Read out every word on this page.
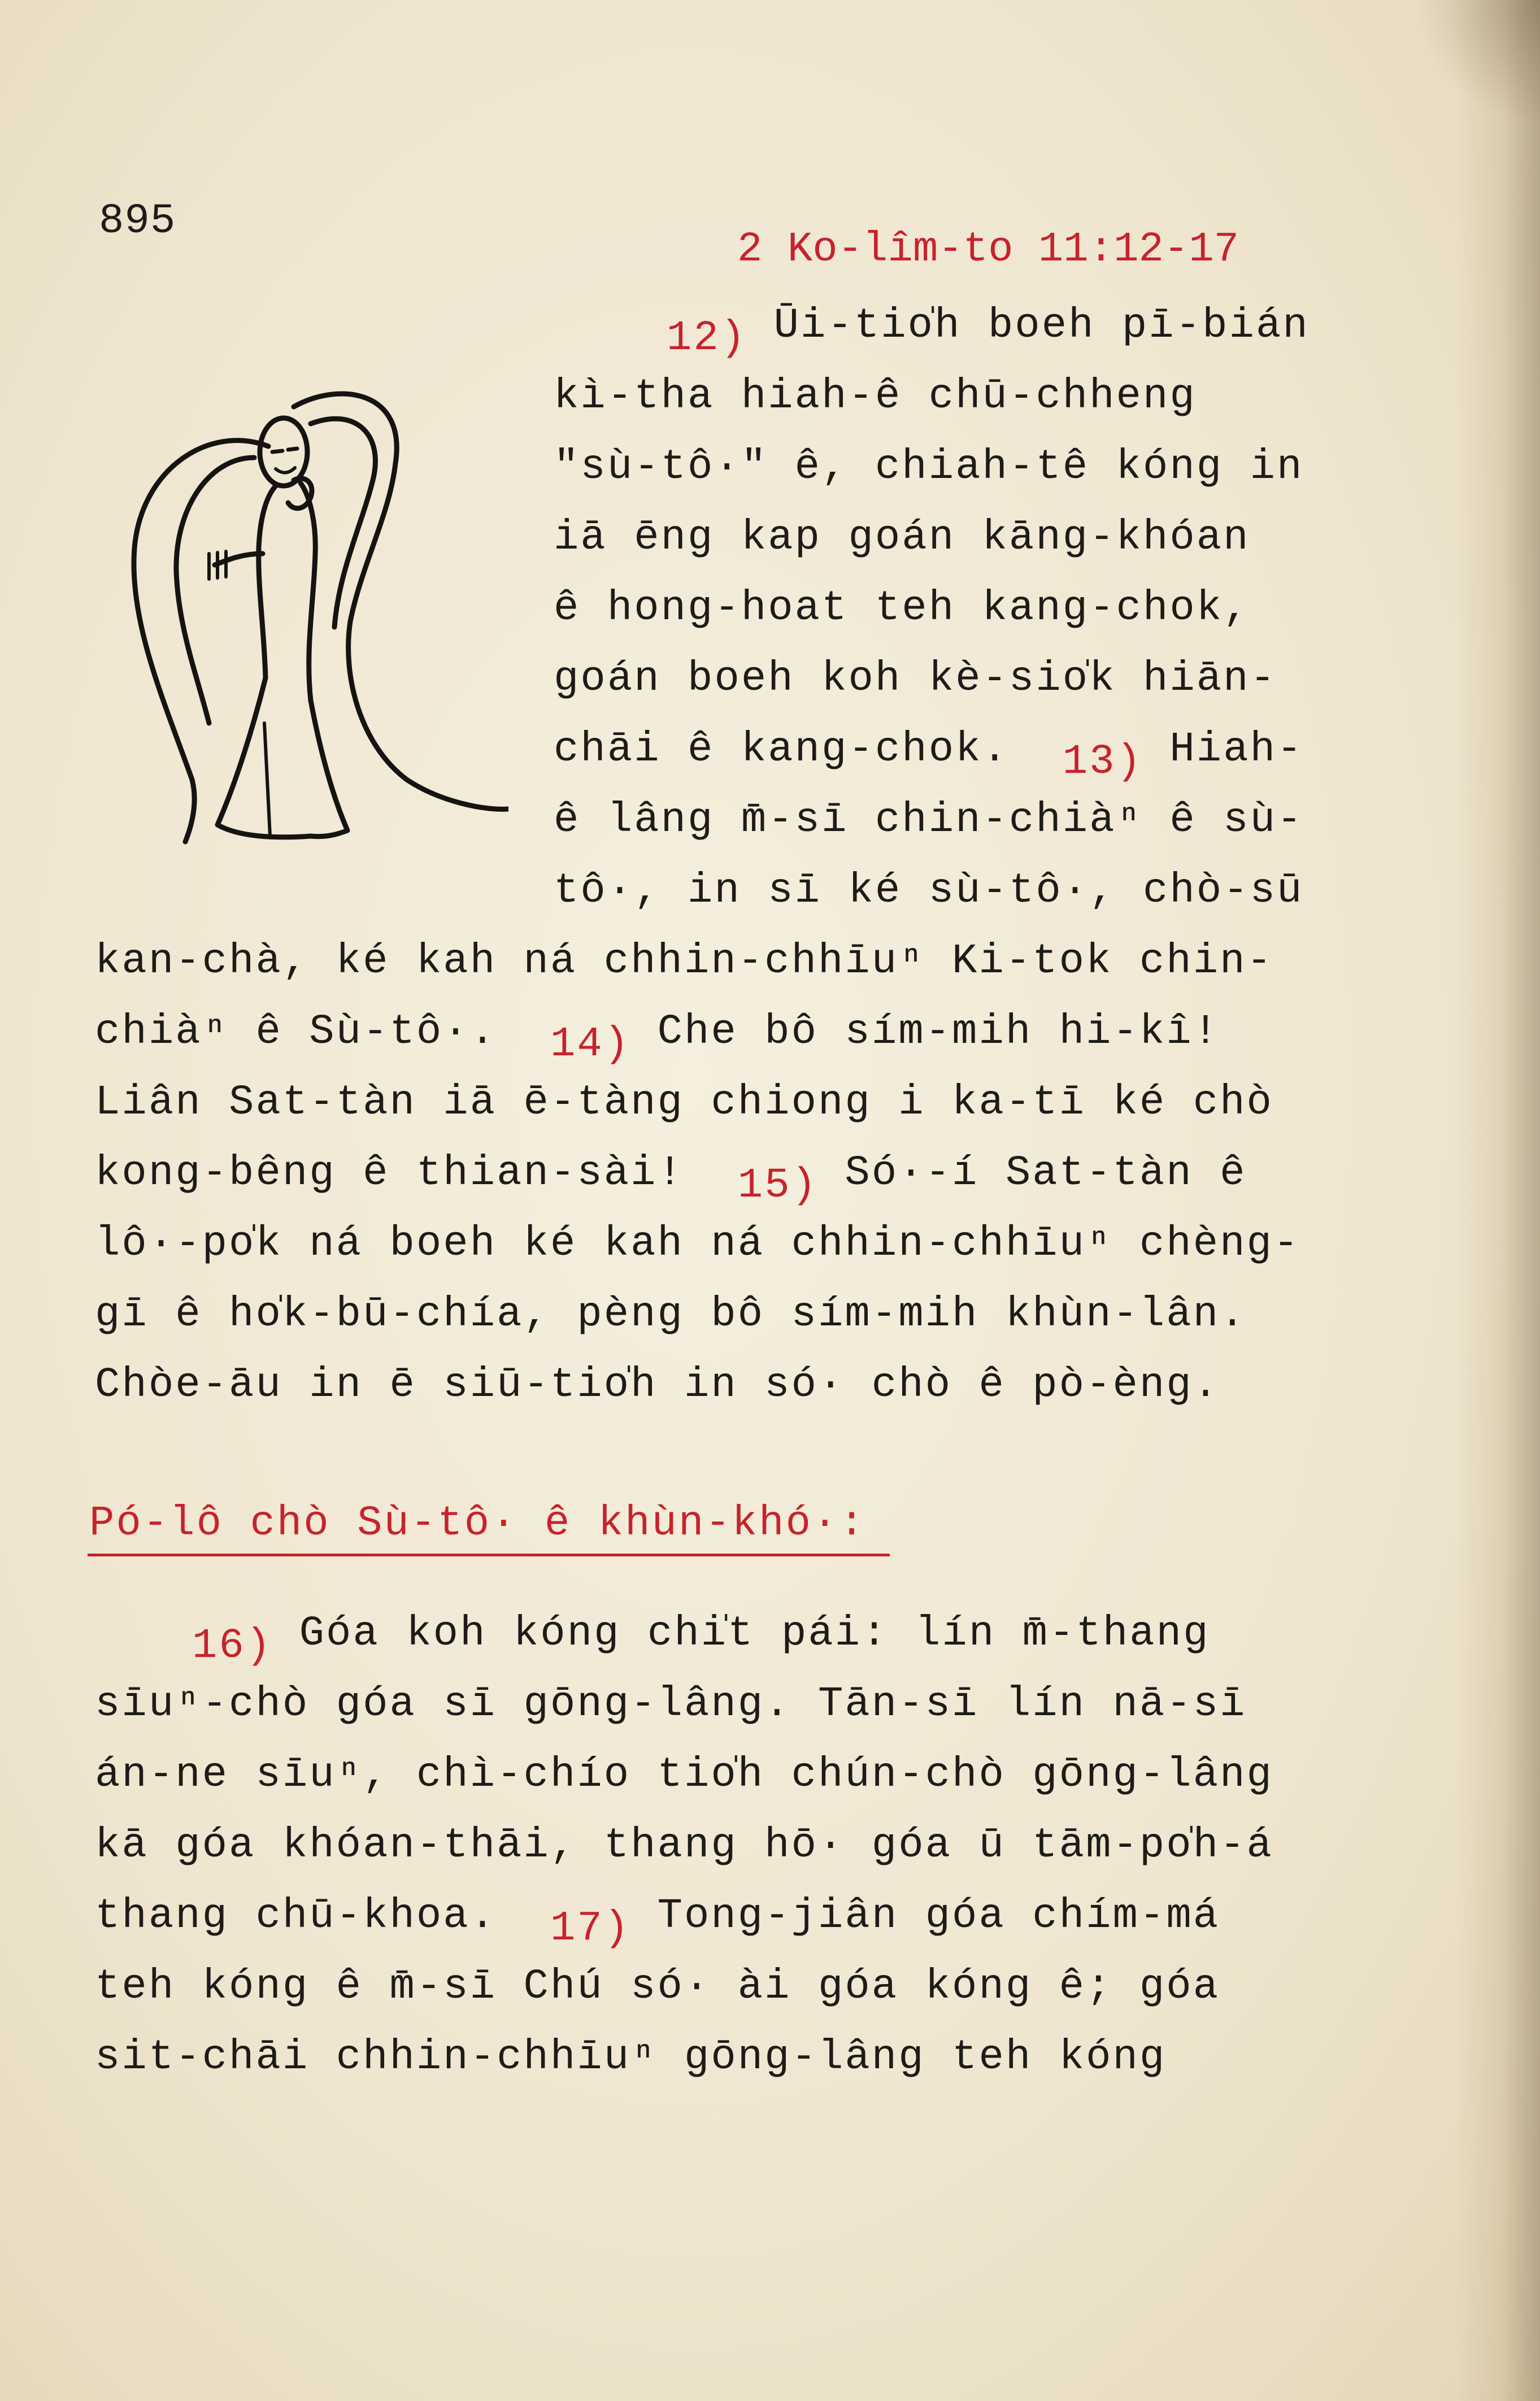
895
2 Ko-lîm-to 11:12-17
12) Ūi-tio̍h boeh pī-bián
kì-tha hiah-ê chū-chheng
"sù-tô·" ê, chiah-tê kóng in
iā ēng kap goán kāng-khóan
ê hong-hoat teh kang-chok,
goán boeh koh kè-sio̍k hiān-
chāi ê kang-chok.  13) Hiah-
ê lâng m̄-sī chin-chiàⁿ ê sù-
tô·, in sī ké sù-tô·, chò-sū
kan-chà, ké kah ná chhin-chhīuⁿ Ki-tok chin-
chiàⁿ ê Sù-tô·.  14) Che bô sím-mih hi-kî!
Liân Sat-tàn iā ē-tàng chiong i ka-tī ké chò
kong-bêng ê thian-sài!  15) Só·-í Sat-tàn ê
lô·-po̍k ná boeh ké kah ná chhin-chhīuⁿ chèng-
gī ê ho̍k-bū-chía, pèng bô sím-mih khùn-lân.
Chòe-āu in ē siū-tio̍h in só· chò ê pò-èng.
Pó-lô chò Sù-tô· ê khùn-khó·:
16) Góa koh kóng chi̍t pái: lín m̄-thang
sīuⁿ-chò góa sī gōng-lâng. Tān-sī lín nā-sī
án-ne sīuⁿ, chì-chío tio̍h chún-chò gōng-lâng
kā góa khóan-thāi, thang hō· góa ū tām-po̍h-á
thang chū-khoa.  17) Tong-jiân góa chím-má
teh kóng ê m̄-sī Chú só· ài góa kóng ê; góa
sit-chāi chhin-chhīuⁿ gōng-lâng teh kóng
